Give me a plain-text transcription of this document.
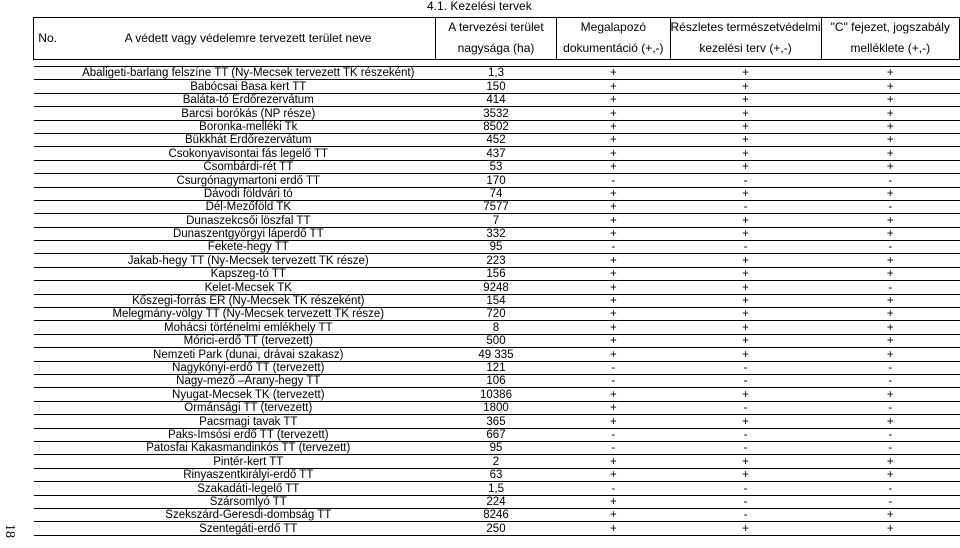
4.1. Kezelési tervek
18
No.	A védett vagy védelemre tervezett terület neve	A tervezési terület	Megalapozó	Részletes természetvédelmi	"C" fejezet, jogszabály
		nagysága (ha)	dokumentáció (+,-)	kezelési terv (+,-)	melléklete (+,-)

	Abaligeti-barlang felszíne TT (Ny-Mecsek tervezett TK részeként)	1,3	+	+	+
	Babócsai Basa kert TT	150	+	+	+
	Baláta-tó Erdőrezervátum	414	+	+	+
	Barcsi borókás (NP része)	3532	+	+	+
	Boronka-melléki Tk	8502	+	+	+
	Bükkhát Erdőrezervátum	452	+	+	+
	Csokonyavisontai fás legelő TT	437	+	+	+
	Csombárdi-rét TT	53	+	+	+
	Csurgónagymartoni erdő TT	170	-	-	-
	Dávodi földvári tó	74	+	+	+
	Dél-Mezőföld TK	7577	+	-	-
	Dunaszekcsői löszfal TT	7	+	+	+
	Dunaszentgyörgyi láperdő TT	332	+	+	+
	Fekete-hegy TT	95	-	-	-
	Jakab-hegy TT (Ny-Mecsek tervezett TK része)	223	+	+	+
	Kapszeg-tó TT	156	+	+	+
	Kelet-Mecsek TK	9248	+	+	-
	Kőszegi-forrás ER (Ny-Mecsek TK részeként)	154	+	+	+
	Melegmány-völgy TT (Ny-Mecsek tervezett TK része)	720	+	+	+
	Mohácsi történelmi emlékhely TT	8	+	+	+
	Mórici-erdő TT (tervezett)	500	+	+	+
	Nemzeti Park (dunai, drávai szakasz)	49 335	+	+	+
	Nagykónyi-erdő TT (tervezett)	121	-	-	-
	Nagy-mező –Arany-hegy TT	106	-	-	-
	Nyugat-Mecsek TK (tervezett)	10386	+	+	+
	Ormánsági TT (tervezett)	1800	+	-	-
	Pacsmagi tavak TT	365	+	+	+
	Paks-Imsósi erdő TT (tervezett)	667	-	-	-
	Patosfai Kakasmandinkós TT (tervezett)	95	-	-	-
	Pintér-kert TT	2	+	+	+
	Rinyaszentkirályi-erdő TT	63	+	+	+
	Szakadáti-legelő TT	1,5	-	-	-
	Szársomlyó TT	224	+	-	-
	Szekszárd-Geresdi-dombság TT	8246	+	-	+
	Szentegáti-erdő TT	250	+	+	+
